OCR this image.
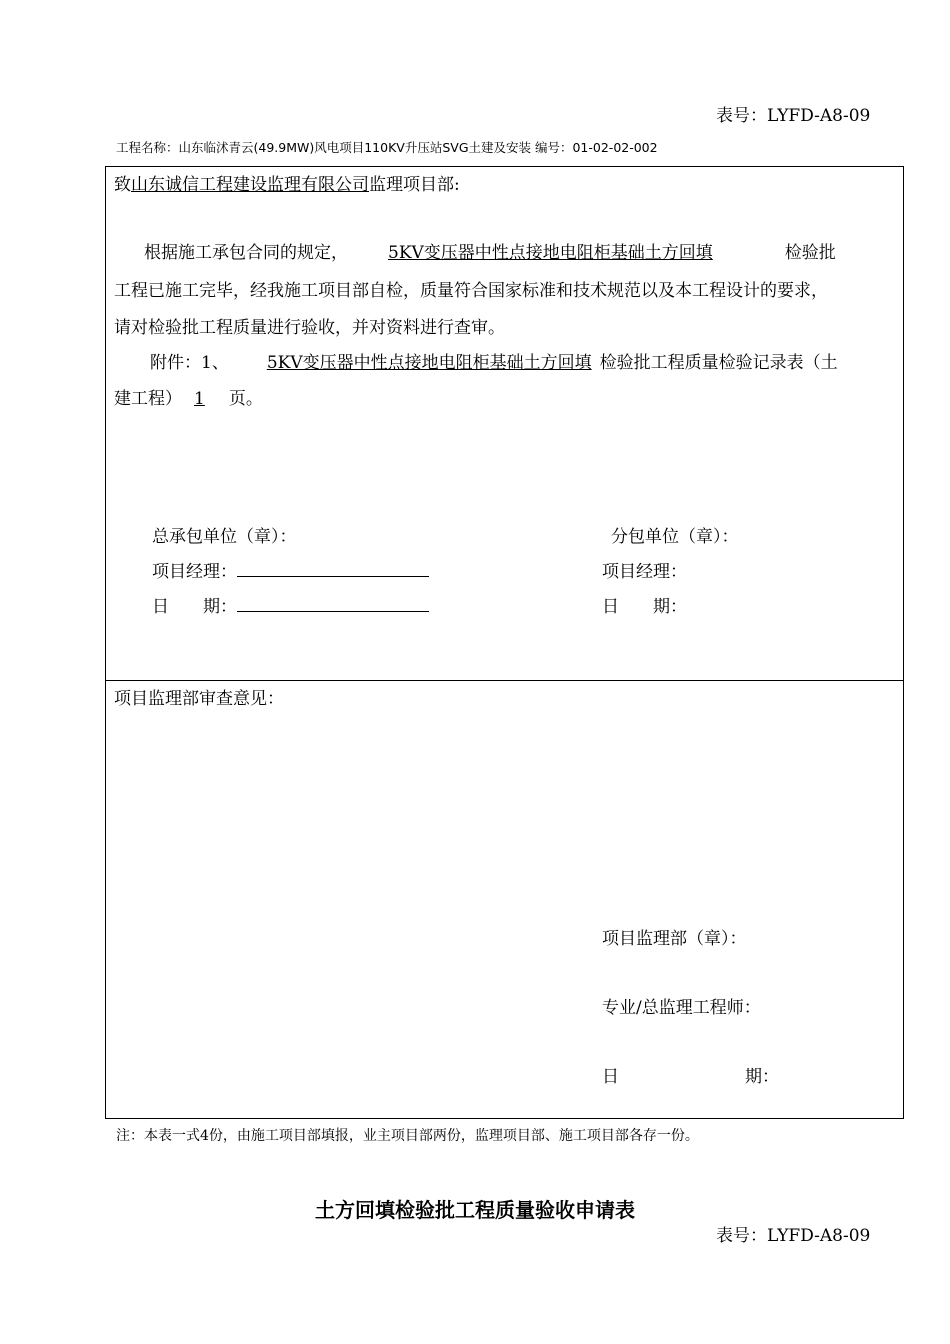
表号：LYFD-A8-09
工程名称：山东临沭青云(49.9MW)风电项目110KV升压站SVG土建及安装 编号：01-02-02-002
致山东诚信工程建设监理有限公司监理项目部:
根据施工承包合同的规定， 5KV变压器中性点接地电阻柜基础土方回填	检验批
工程已施工完毕，经我施工项目部自检，质量符合国家标准和技术规范以及本工程设计的要求，
请对检验批工程质量进行验收，并对资料进行查审。
附件：1、 5KV变压器中性点接地电阻柜基础土方回填 检验批工程质量检验记录表（土
建工程） 1 页。
总承包单位（章）：
项目经理：
日　　期：
分包单位（章）：
项目经理：
日　　期：
项目监理部审查意见：
项目监理部（章）：
专业/总监理工程师：
日	期：
注：本表一式4份，由施工项目部填报，业主项目部两份，监理项目部、施工项目部各存一份。
土方回填检验批工程质量验收申请表
表号：LYFD-A8-09
